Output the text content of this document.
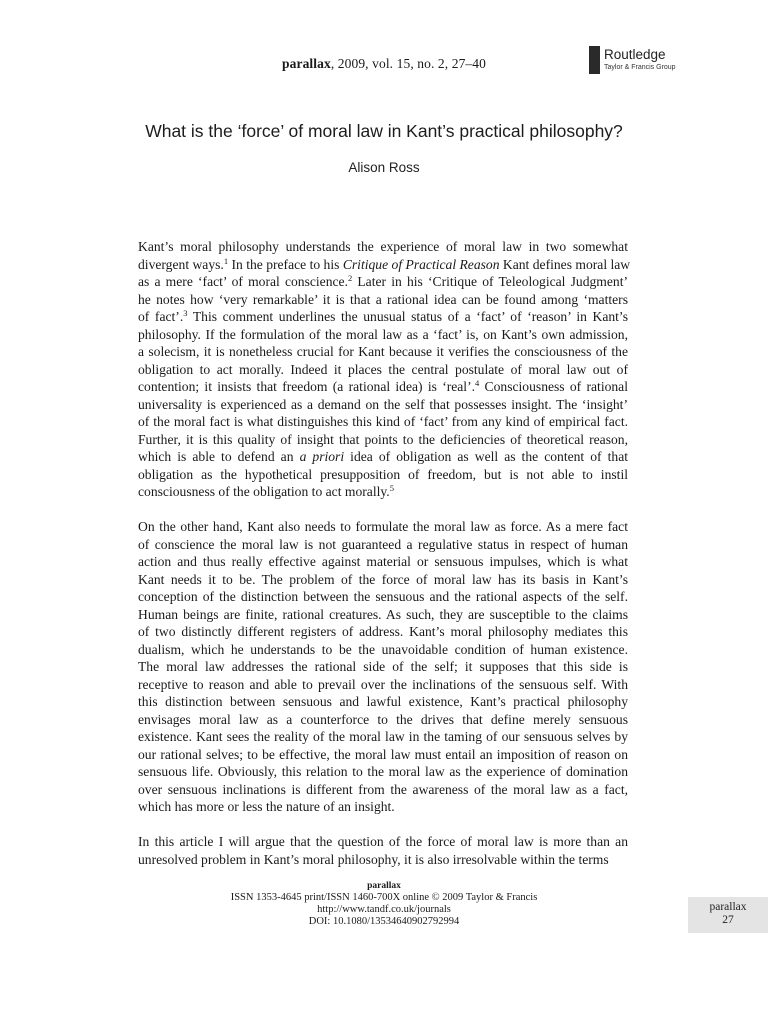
parallax, 2009, vol. 15, no. 2, 27–40
Routledge
Taylor & Francis Group
What is the ‘force’ of moral law in Kant’s practical philosophy?
Alison Ross

Kant’s moral philosophy understands the experience of moral law in two somewhat
divergent ways.$^1$ In the preface to his Critique of Practical Reason Kant defines moral law
as a mere ‘fact’ of moral conscience.$^2$ Later in his ‘Critique of Teleological Judgment’
he notes how ‘very remarkable’ it is that a rational idea can be found among ‘matters
of fact’.$^3$ This comment underlines the unusual status of a ‘fact’ of ‘reason’ in Kant’s
philosophy. If the formulation of the moral law as a ‘fact’ is, on Kant’s own admission,
a solecism, it is nonetheless crucial for Kant because it verifies the consciousness of the
obligation to act morally. Indeed it places the central postulate of moral law out of
contention; it insists that freedom (a rational idea) is ‘real’.$^4$ Consciousness of rational
universality is experienced as a demand on the self that possesses insight. The ‘insight’
of the moral fact is what distinguishes this kind of ‘fact’ from any kind of empirical fact.
Further, it is this quality of insight that points to the deficiencies of theoretical reason,
which is able to defend an a priori idea of obligation as well as the content of that
obligation as the hypothetical presupposition of freedom, but is not able to instil
consciousness of the obligation to act morally.$^5$

On the other hand, Kant also needs to formulate the moral law as force. As a mere fact
of conscience the moral law is not guaranteed a regulative status in respect of human
action and thus really effective against material or sensuous impulses, which is what
Kant needs it to be. The problem of the force of moral law has its basis in Kant’s
conception of the distinction between the sensuous and the rational aspects of the self.
Human beings are finite, rational creatures. As such, they are susceptible to the claims
of two distinctly different registers of address. Kant’s moral philosophy mediates this
dualism, which he understands to be the unavoidable condition of human existence.
The moral law addresses the rational side of the self; it supposes that this side is
receptive to reason and able to prevail over the inclinations of the sensuous self. With
this distinction between sensuous and lawful existence, Kant’s practical philosophy
envisages moral law as a counterforce to the drives that define merely sensuous
existence. Kant sees the reality of the moral law in the taming of our sensuous selves by
our rational selves; to be effective, the moral law must entail an imposition of reason on
sensuous life. Obviously, this relation to the moral law as the experience of domination
over sensuous inclinations is different from the awareness of the moral law as a fact,
which has more or less the nature of an insight.

In this article I will argue that the question of the force of moral law is more than an
unresolved problem in Kant’s moral philosophy, it is also irresolvable within the terms

parallax
ISSN 1353-4645 print/ISSN 1460-700X online © 2009 Taylor & Francis
http://www.tandf.co.uk/journals
DOI: 10.1080/13534640902792994
parallax
27
